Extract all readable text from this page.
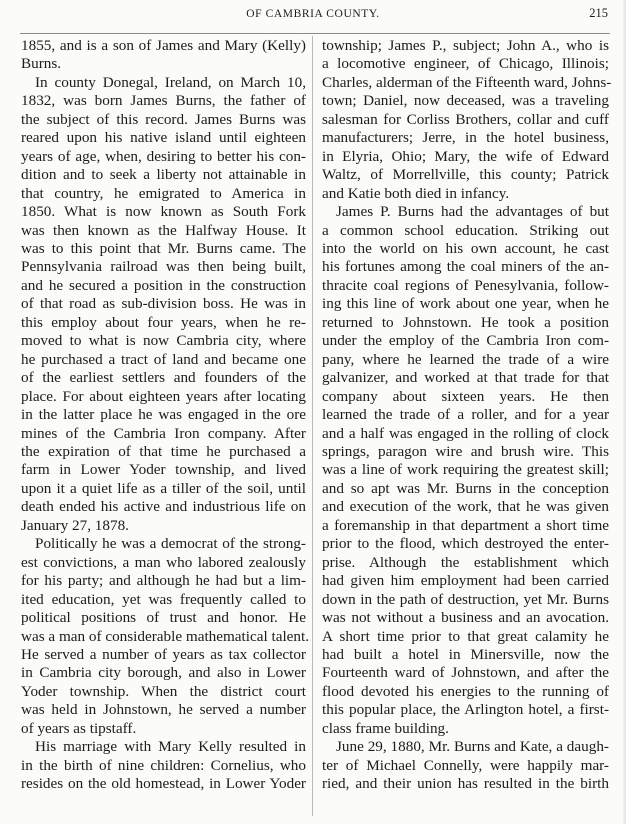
OF CAMBRIA COUNTY.	215
1855, and is a son of James and Mary (Kelly)
Burns.
In county Donegal, Ireland, on March 10,
1832, was born James Burns, the father of
the subject of this record. James Burns was
reared upon his native island until eighteen
years of age, when, desiring to better his con-
dition and to seek a liberty not attainable in
that country, he emigrated to America in
1850. What is now known as South Fork
was then known as the Halfway House. It
was to this point that Mr. Burns came. The
Pennsylvania railroad was then being built,
and he secured a position in the construction
of that road as sub-division boss. He was in
this employ about four years, when he re-
moved to what is now Cambria city, where
he purchased a tract of land and became one
of the earliest settlers and founders of the
place. For about eighteen years after locating
in the latter place he was engaged in the ore
mines of the Cambria Iron company. After
the expiration of that time he purchased a
farm in Lower Yoder township, and lived
upon it a quiet life as a tiller of the soil, until
death ended his active and industrious life on
January 27, 1878.
Politically he was a democrat of the strong-
est convictions, a man who labored zealously
for his party; and although he had but a lim-
ited education, yet was frequently called to
political positions of trust and honor. He
was a man of considerable mathematical talent.
He served a number of years as tax collector
in Cambria city borough, and also in Lower
Yoder township. When the district court
was held in Johnstown, he served a number
of years as tipstaff.
His marriage with Mary Kelly resulted in
in the birth of nine children: Cornelius, who
resides on the old homestead, in Lower Yoder
township; James P., subject; John A., who is
a locomotive engineer, of Chicago, Illinois;
Charles, alderman of the Fifteenth ward, Johns-
town; Daniel, now deceased, was a traveling
salesman for Corliss Brothers, collar and cuff
manufacturers; Jerre, in the hotel business,
in Elyria, Ohio; Mary, the wife of Edward
Waltz, of Morrellville, this county; Patrick
and Katie both died in infancy.
James P. Burns had the advantages of but
a common school education. Striking out
into the world on his own account, he cast
his fortunes among the coal miners of the an-
thracite coal regions of Penesylvania, follow-
ing this line of work about one year, when he
returned to Johnstown. He took a position
under the employ of the Cambria Iron com-
pany, where he learned the trade of a wire
galvanizer, and worked at that trade for that
company about sixteen years. He then
learned the trade of a roller, and for a year
and a half was engaged in the rolling of clock
springs, paragon wire and brush wire. This
was a line of work requiring the greatest skill;
and so apt was Mr. Burns in the conception
and execution of the work, that he was given
a foremanship in that department a short time
prior to the flood, which destroyed the enter-
prise. Although the establishment which
had given him employment had been carried
down in the path of destruction, yet Mr. Burns
was not without a business and an avocation.
A short time prior to that great calamity he
had built a hotel in Minersville, now the
Fourteenth ward of Johnstown, and after the
flood devoted his energies to the running of
this popular place, the Arlington hotel, a first-
class frame building.
June 29, 1880, Mr. Burns and Kate, a daugh-
ter of Michael Connelly, were happily mar-
ried, and their union has resulted in the birth
